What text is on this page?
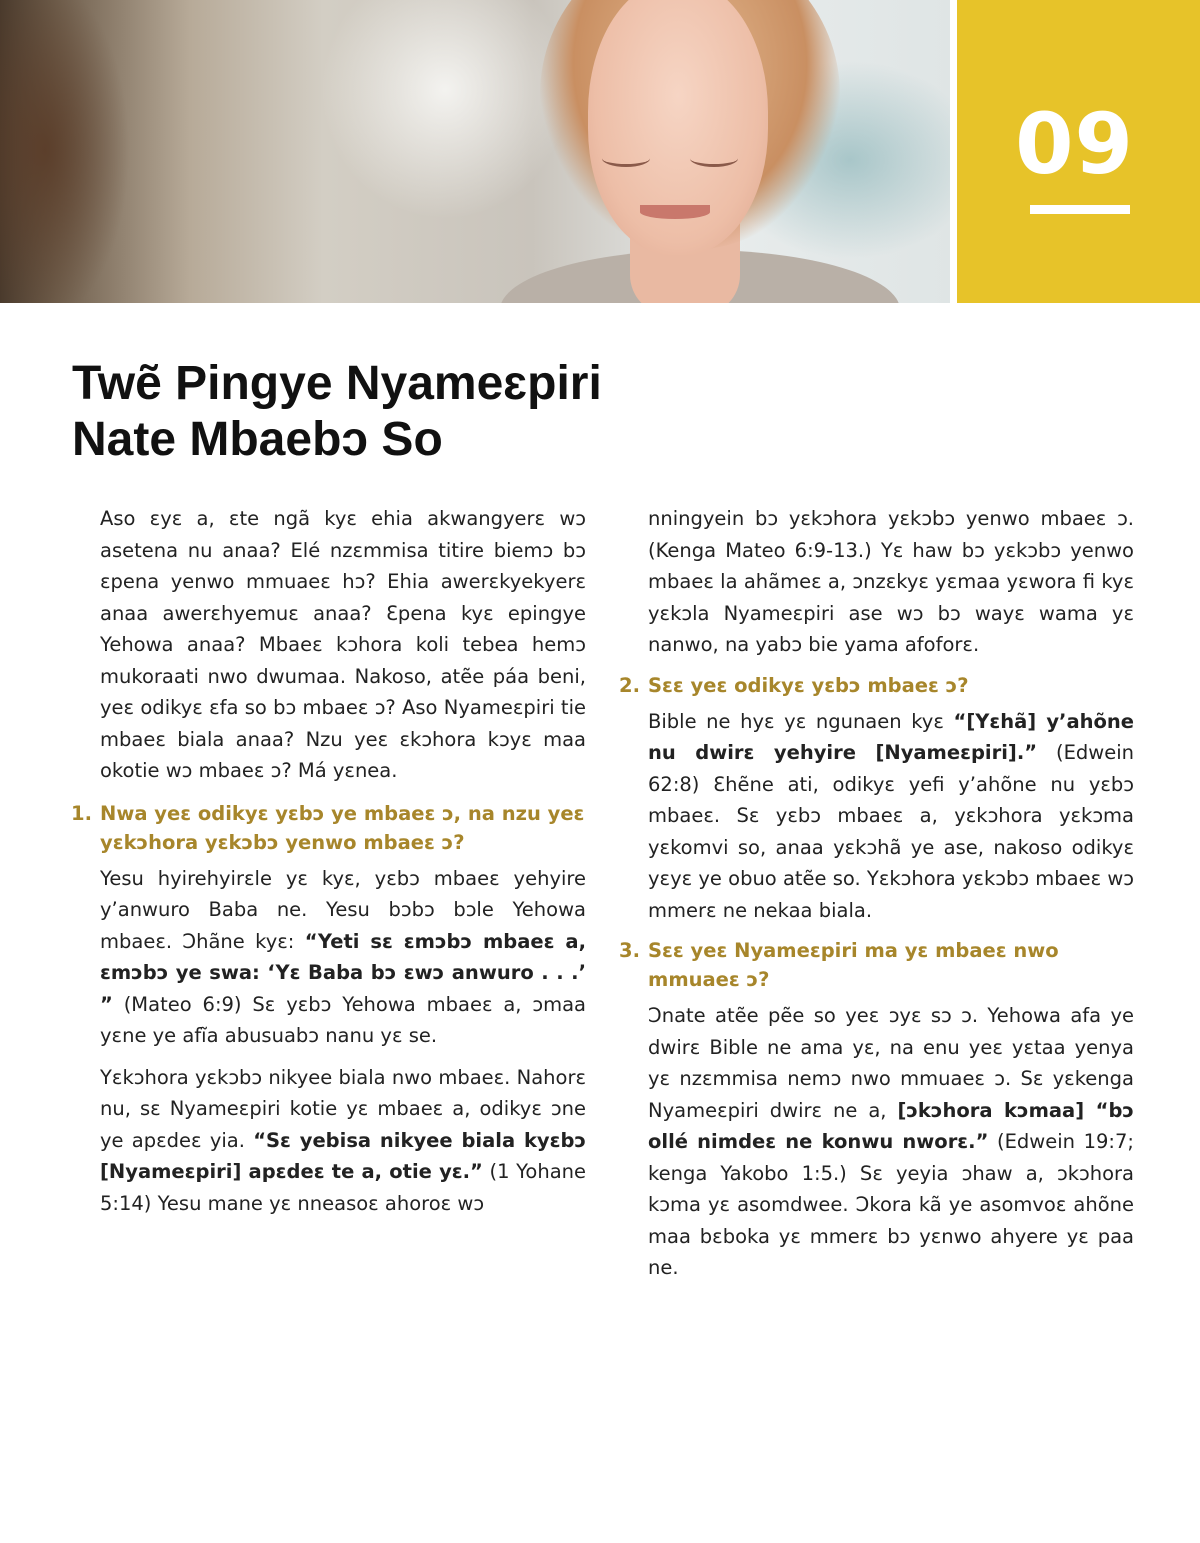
09
Twẽ Pingye Nyameɛpiri
Nate Mbaebɔ So

Aso ɛyɛ a, ɛte ngã kyɛ ehia akwangyerɛ wɔ asetena nu anaa? Elé nzɛmmisa titire biemɔ bɔ ɛpena yenwo mmuaeɛ hɔ? Ehia awerɛkyekyerɛ anaa awerɛhyemuɛ anaa? Ɛpena kyɛ epingye Yehowa anaa? Mbaeɛ kɔhora koli tebea hemɔ mukoraati nwo dwumaa. Nakoso, atẽe páa beni, yeɛ odikyɛ ɛfa so bɔ mbaeɛ ɔ? Aso Nyameɛpiri tie mbaeɛ biala anaa? Nzu yeɛ ɛkɔhora kɔyɛ maa okotie wɔ mbaeɛ ɔ? Má yɛnea.

1. Nwa yeɛ odikyɛ yɛbɔ ye mbaeɛ ɔ, na nzu yeɛ yɛkɔhora yɛkɔbɔ yenwo mbaeɛ ɔ?

Yesu hyirehyirɛle yɛ kyɛ, yɛbɔ mbaeɛ yehyire y’anwuro Baba ne. Yesu bɔbɔ bɔle Yehowa mbaeɛ. Ɔhãne kyɛ: “Yeti sɛ ɛmɔbɔ mbaeɛ a, ɛmɔbɔ ye swa: ‘Yɛ Baba bɔ ɛwɔ anwuro . . .’ ” (Mateo 6:9) Sɛ yɛbɔ Yehowa mbaeɛ a, ɔmaa yɛne ye afĩa abusuabɔ nanu yɛ se.

Yɛkɔhora yɛkɔbɔ nikyee biala nwo mbaeɛ. Nahorɛ nu, sɛ Nyameɛpiri kotie yɛ mbaeɛ a, odikyɛ ɔne ye apɛdeɛ yia. “Sɛ yebisa nikyee biala kyɛbɔ [Nyameɛpiri] apɛdeɛ te a, otie yɛ.” (1 Yohane 5:14) Yesu mane yɛ nneasoɛ ahoroɛ wɔ

nningyein bɔ yɛkɔhora yɛkɔbɔ yenwo mbaeɛ ɔ. (Kenga Mateo 6:9-13.) Yɛ haw bɔ yɛkɔbɔ yenwo mbaeɛ la ahãmeɛ a, ɔnzɛkyɛ yɛmaa yɛwora fi kyɛ yɛkɔla Nyameɛpiri ase wɔ bɔ wayɛ wama yɛ nanwo, na yabɔ bie yama afoforɛ.

2. Sɛɛ yeɛ odikyɛ yɛbɔ mbaeɛ ɔ?

Bible ne hyɛ yɛ ngunaen kyɛ “[Yɛhã] y’ahõne nu dwirɛ yehyire [Nyameɛpiri].” (Edwein 62:8) Ɛhẽne ati, odikyɛ yefi y’ahõne nu yɛbɔ mbaeɛ. Sɛ yɛbɔ mbaeɛ a, yɛkɔhora yɛkɔma yɛkomvi so, anaa yɛkɔhã ye ase, nakoso odikyɛ yɛyɛ ye obuo atẽe so. Yɛkɔhora yɛkɔbɔ mbaeɛ wɔ mmerɛ ne nekaa biala.

3. Sɛɛ yeɛ Nyameɛpiri ma yɛ mbaeɛ nwo mmuaeɛ ɔ?

Ɔnate atẽe pẽe so yeɛ ɔyɛ sɔ ɔ. Yehowa afa ye dwirɛ Bible ne ama yɛ, na enu yeɛ yɛtaa yenya yɛ nzɛmmisa nemɔ nwo mmuaeɛ ɔ. Sɛ yɛkenga Nyameɛpiri dwirɛ ne a, [ɔkɔhora kɔmaa] “bɔ ollé nimdeɛ ne konwu nworɛ.” (Edwein 19:7; kenga Yakobo 1:5.) Sɛ yeyia ɔhaw a, ɔkɔhora kɔma yɛ asomdwee. Ɔkora kã ye asomvoɛ ahõne maa bɛboka yɛ mmerɛ bɔ yɛnwo ahyere yɛ paa ne.
